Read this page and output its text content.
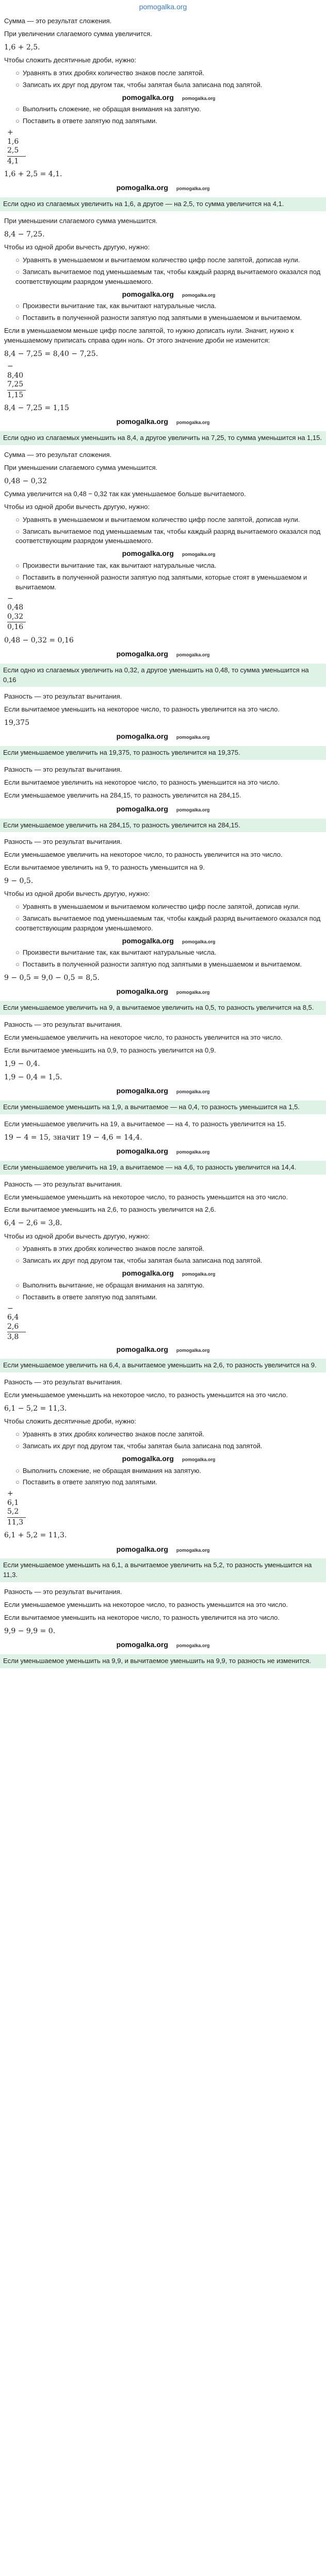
pomogalka.org
Сумма — это результат сложения.
При увеличении слагаемого сумма увеличится.
1,6 + 2,5.
Чтобы сложить десятичные дроби, нужно:
○ Уравнять в этих дробях количество знаков после запятой.
○ Записать их друг под другом так, чтобы запятая была записана под запятой.
pomogalka.org pomogalka.org
○ Выполнить сложение, не обращая внимания на запятую.
○ Поставить в ответе запятую под запятыми.
+
1,6
2,5
4,1
1,6 + 2,5 = 4,1.
pomogalka.org pomogalka.org
Если одно из слагаемых увеличить на 1,6, а другое — на 2,5, то сумма увеличится на 4,1.
При уменьшении слагаемого сумма уменьшится.
8,4 − 7,25.
Чтобы из одной дроби вычесть другую, нужно:
○ Уравнять в уменьшаемом и вычитаемом количество цифр после запятой, дописав нули.
○ Записать вычитаемое под уменьшаемым так, чтобы каждый разряд вычитаемого оказался под соответствующим разрядом уменьшаемого.
pomogalka.org pomogalka.org
○ Произвести вычитание так, как вычитают натуральные числа.
○ Поставить в полученной разности запятую под запятыми в уменьшаемом и вычитаемом.
Если в уменьшаемом меньше цифр после запятой, то нужно дописать нули. Значит, нужно к уменьшаемому приписать справа один ноль. От этого значение дроби не изменится:
8,4 − 7,25 = 8,40 − 7,25.
−
8,40
7,25
1,15
8,4 − 7,25 = 1,15
pomogalka.org pomogalka.org
Если одно из слагаемых уменьшить на 8,4, а другое увеличить на 7,25, то сумма уменьшится на 1,15.
Сумма — это результат сложения.
При уменьшении слагаемого сумма уменьшится.
0,48 − 0,32
Сумма увеличится на 0,48 − 0,32 так как уменьшаемое больше вычитаемого.
Чтобы из одной дроби вычесть другую, нужно:
○ Уравнять в уменьшаемом и вычитаемом количество цифр после запятой, дописав нули.
○ Записать вычитаемое под уменьшаемым так, чтобы каждый разряд вычитаемого оказался под соответствующим разрядом уменьшаемого.
pomogalka.org pomogalka.org
○ Произвести вычитание так, как вычитают натуральные числа.
○ Поставить в полученной разности запятую под запятыми, которые стоят в уменьшаемом и вычитаемом.
−
0,48
0,32
0,16
0,48 − 0,32 = 0,16
pomogalka.org pomogalka.org
Если одно из слагаемых увеличить на 0,32, а другое уменьшить на 0,48, то сумма уменьшится на 0,16
Разность — это результат вычитания.
Если вычитаемое уменьшить на некоторое число, то разность увеличится на это число.
19,375
pomogalka.org pomogalka.org
Если уменьшаемое увеличить на 19,375, то разность увеличится на 19,375.
Разность — это результат вычитания.
Если вычитаемое увеличить на некоторое число, то разность уменьшится на это число.
Если уменьшаемое увеличить на 284,15, то разность увеличится на 284,15.
pomogalka.org pomogalka.org
Если уменьшаемое увеличить на 284,15, то разность увеличится на 284,15.
Разность — это результат вычитания.
Если уменьшаемое увеличить на некоторое число, то разность увеличится на это число.
Если вычитаемое увеличить на 9, то разность уменьшится на 9.
9 − 0,5.
Чтобы из одной дроби вычесть другую, нужно:
○ Уравнять в уменьшаемом и вычитаемом количество цифр после запятой, дописав нули.
○ Записать вычитаемое под уменьшаемым так, чтобы каждый разряд вычитаемого оказался под соответствующим разрядом уменьшаемого.
pomogalka.org pomogalka.org
○ Произвести вычитание так, как вычитают натуральные числа.
○ Поставить в полученной разности запятую под запятыми в уменьшаемом и вычитаемом.
9 − 0,5 = 9,0 − 0,5 = 8,5.
pomogalka.org pomogalka.org
Если уменьшаемое увеличить на 9, а вычитаемое увеличить на 0,5, то разность увеличится на 8,5.
Разность — это результат вычитания.
Если уменьшаемое увеличить на некоторое число, то разность увеличится на это число.
Если вычитаемое уменьшить на 0,9, то разность увеличится на 0,9.
1,9 − 0,4.
1,9 − 0,4 = 1,5.
pomogalka.org pomogalka.org
Если уменьшаемое уменьшить на 1,9, а вычитаемое — на 0,4, то разность уменьшится на 1,5.
Если уменьшаемое увеличить на 19, а вычитаемое — на 4, то разность увеличится на 15.
19 − 4 = 15, значит 19 − 4,6 = 14,4.
pomogalka.org pomogalka.org
Если уменьшаемое увеличить на 19, а вычитаемое — на 4,6, то разность увеличится на 14,4.
Разность — это результат вычитания.
Если уменьшаемое уменьшить на некоторое число, то разность уменьшится на это число.
Если вычитаемое уменьшить на 2,6, то разность увеличится на 2,6.
6,4 − 2,6 = 3,8.
Чтобы из одной дроби вычесть другую, нужно:
○ Уравнять в этих дробях количество знаков после запятой.
○ Записать их друг под другом так, чтобы запятая была записана под запятой.
pomogalka.org pomogalka.org
○ Выполнить вычитание, не обращая внимания на запятую.
○ Поставить в ответе запятую под запятыми.
−
6,4
2,6
3,8
pomogalka.org pomogalka.org
Если уменьшаемое увеличить на 6,4, а вычитаемое уменьшить на 2,6, то разность увеличится на 9.
Разность — это результат вычитания.
Если уменьшаемое уменьшить на некоторое число, то разность уменьшится на это число.
6,1 − 5,2 = 11,3.
Чтобы сложить десятичные дроби, нужно:
○ Уравнять в этих дробях количество знаков после запятой.
○ Записать их друг под другом так, чтобы запятая была записана под запятой.
pomogalka.org pomogalka.org
○ Выполнить сложение, не обращая внимания на запятую.
○ Поставить в ответе запятую под запятыми.
+
6,1
5,2
11,3
6,1 + 5,2 = 11,3.
pomogalka.org pomogalka.org
Если уменьшаемое уменьшить на 6,1, а вычитаемое увеличить на 5,2, то разность уменьшится на 11,3.
Разность — это результат вычитания.
Если уменьшаемое уменьшить на некоторое число, то разность уменьшится на это число.
Если вычитаемое уменьшить на некоторое число, то разность увеличится на это число.
9,9 − 9,9 = 0.
pomogalka.org pomogalka.org
Если уменьшаемое уменьшить на 9,9, и вычитаемое уменьшить на 9,9, то разность не изменится.
